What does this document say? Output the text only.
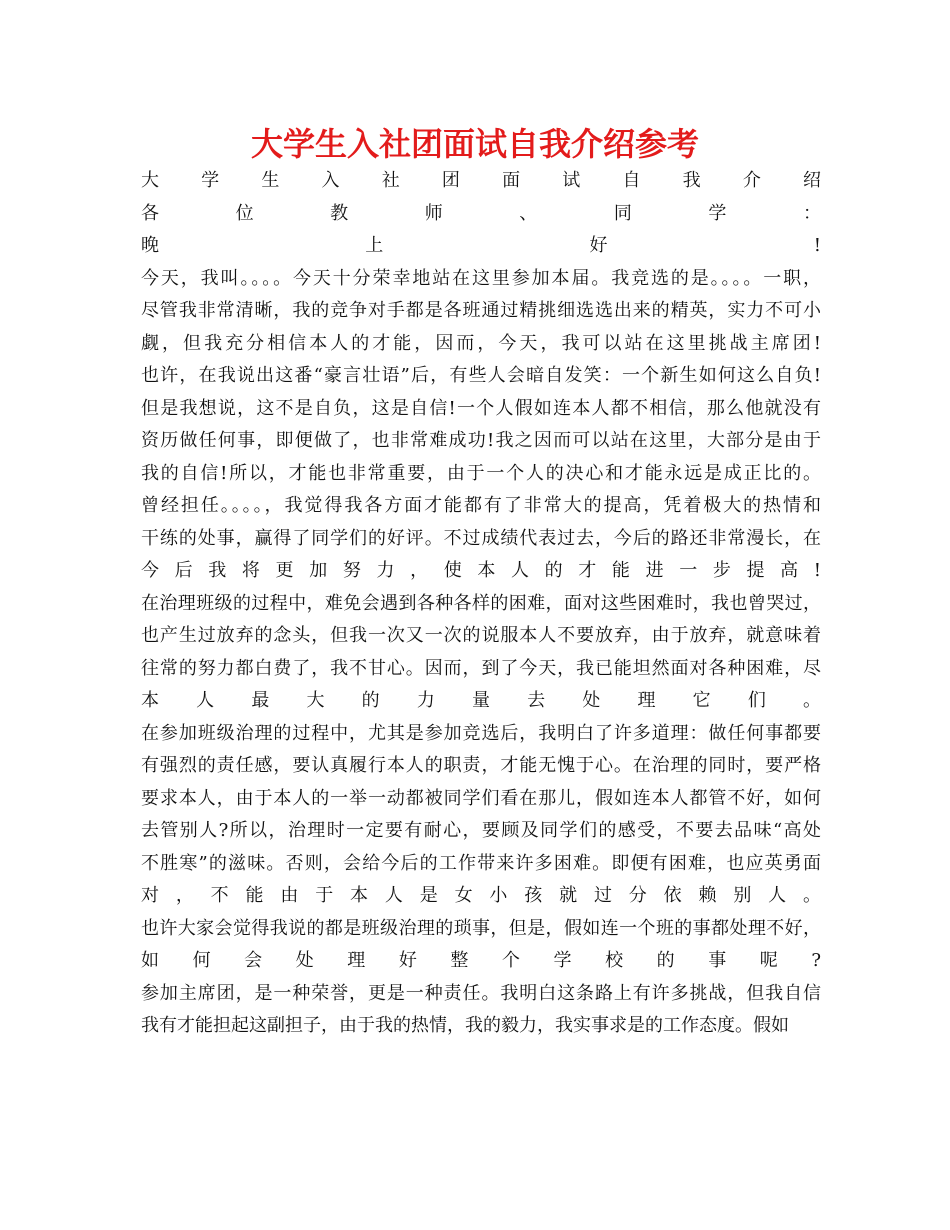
大学生入社团面试自我介绍参考
大学生入社团面试自我介绍
各位教师、同学：
晚上好!
今天，我叫。。。。今天十分荣幸地站在这里参加本届。我竞选的是。。。。一职，
尽管我非常清晰，我的竞争对手都是各班通过精挑细选选出来的精英，实力不可小
觑，但我充分相信本人的才能，因而，今天，我可以站在这里挑战主席团!
也许，在我说出这番“豪言壮语”后，有些人会暗自发笑：一个新生如何这么自负!
但是我想说，这不是自负，这是自信!一个人假如连本人都不相信，那么他就没有
资历做任何事，即便做了，也非常难成功!我之因而可以站在这里，大部分是由于
我的自信!所以，才能也非常重要，由于一个人的决心和才能永远是成正比的。
曾经担任。。。。，我觉得我各方面才能都有了非常大的提高，凭着极大的热情和
干练的处事，赢得了同学们的好评。不过成绩代表过去，今后的路还非常漫长，在
今后我将更加努力，使本人的才能进一步提高!
在治理班级的过程中，难免会遇到各种各样的困难，面对这些困难时，我也曾哭过，
也产生过放弃的念头，但我一次又一次的说服本人不要放弃，由于放弃，就意味着
往常的努力都白费了，我不甘心。因而，到了今天，我已能坦然面对各种困难，尽
本人最大的力量去处理它们。
在参加班级治理的过程中，尤其是参加竞选后，我明白了许多道理：做任何事都要
有强烈的责任感，要认真履行本人的职责，才能无愧于心。在治理的同时，要严格
要求本人，由于本人的一举一动都被同学们看在那儿，假如连本人都管不好，如何
去管别人?所以，治理时一定要有耐心，要顾及同学们的感受，不要去品味“高处
不胜寒”的滋味。否则，会给今后的工作带来许多困难。即便有困难，也应英勇面
对，不能由于本人是女小孩就过分依赖别人。
也许大家会觉得我说的都是班级治理的琐事，但是，假如连一个班的事都处理不好，
如何会处理好整个学校的事呢?
参加主席团，是一种荣誉，更是一种责任。我明白这条路上有许多挑战，但我自信
我有才能担起这副担子，由于我的热情，我的毅力，我实事求是的工作态度。假如
